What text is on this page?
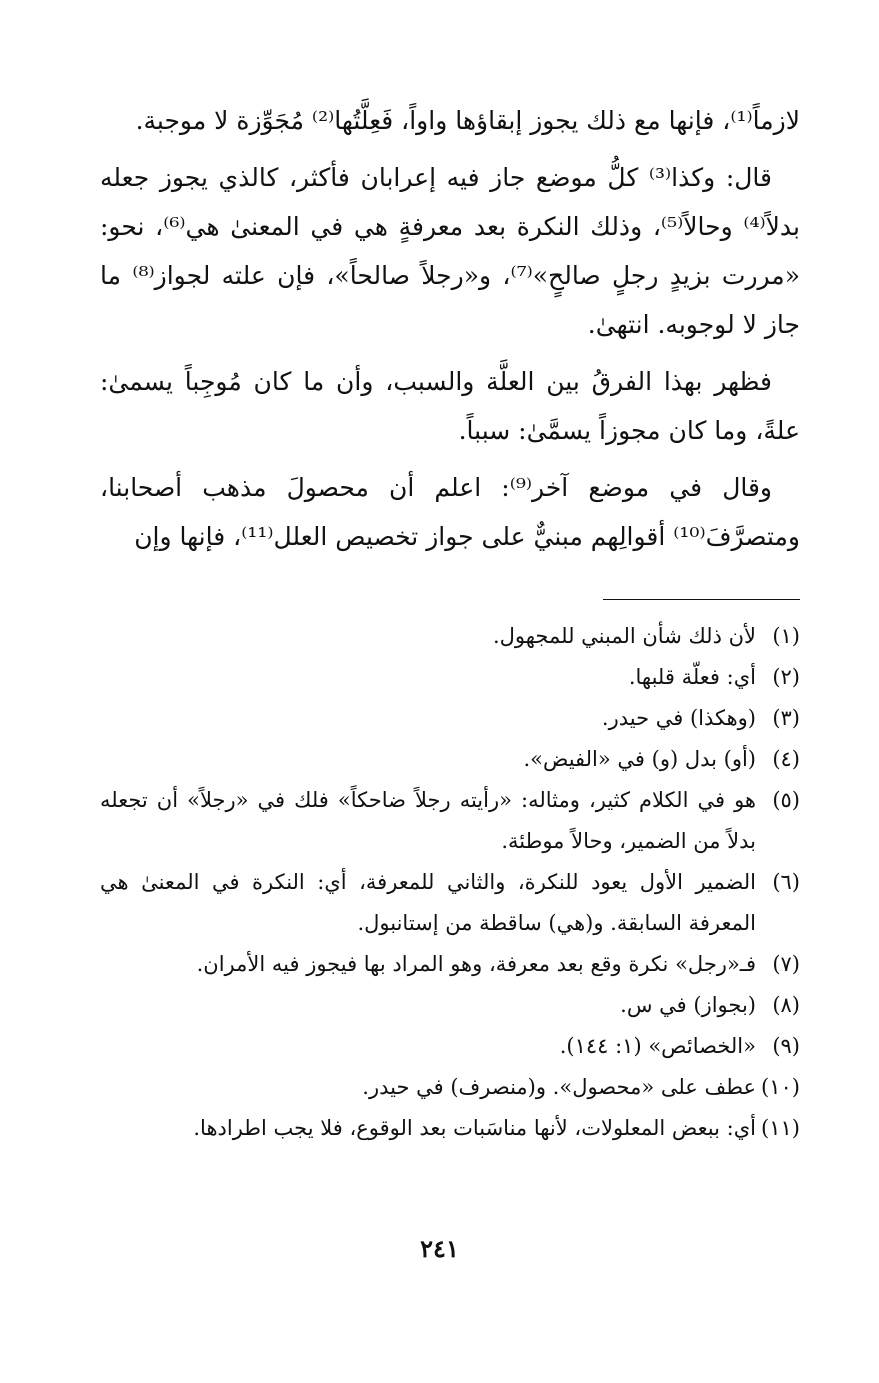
لازماً⁽¹⁾، فإنها مع ذلك يجوز إبقاؤها واواً، فَعِلَّتُها⁽²⁾ مُجَوِّزة لا موجبة.

قال: وكذا⁽³⁾ كلُّ موضع جاز فيه إعرابان فأكثر، كالذي يجوز جعله بدلاً⁽⁴⁾ وحالاً⁽⁵⁾، وذلك النكرة بعد معرفةٍ هي في المعنىٰ هي⁽⁶⁾، نحو: «مررت بزيدٍ رجلٍ صالحٍ»⁽⁷⁾، و«رجلاً صالحاً»، فإن علته لجواز⁽⁸⁾ ما جاز لا لوجوبه. انتهىٰ.

فظهر بهذا الفرقُ بين العلَّة والسبب، وأن ما كان مُوجِباً يسمىٰ: علةً، وما كان مجوزاً يسمَّىٰ: سبباً.

وقال في موضع آخر⁽⁹⁾: اعلم أن محصولَ مذهب أصحابنا، ومتصرَّفَ⁽¹⁰⁾ أقوالِهم مبنيٌّ على جواز تخصيص العلل⁽¹¹⁾، فإنها وإن

(١)
لأن ذلك شأن المبني للمجهول.
(٢)
أي: فعلّة قلبها.
(٣)
(وهكذا) في حيدر.
(٤)
(أو) بدل (و) في «الفيض».
(٥)
هو في الكلام كثير، ومثاله: «رأيته رجلاً ضاحكاً» فلك في «رجلاً» أن تجعله بدلاً من الضمير، وحالاً موطئة.
(٦)
الضمير الأول يعود للنكرة، والثاني للمعرفة، أي: النكرة في المعنىٰ هي المعرفة السابقة. و(هي) ساقطة من إستانبول.
(٧)
فـ«رجل» نكرة وقع بعد معرفة، وهو المراد بها فيجوز فيه الأمران.
(٨)
(بجواز) في س.
(٩)
«الخصائص» (١: ١٤٤).
(١٠)
عطف على «محصول». و(منصرف) في حيدر.
(١١)
أي: ببعض المعلولات، لأنها مناسَبات بعد الوقوع، فلا يجب اطرادها.
٢٤١
